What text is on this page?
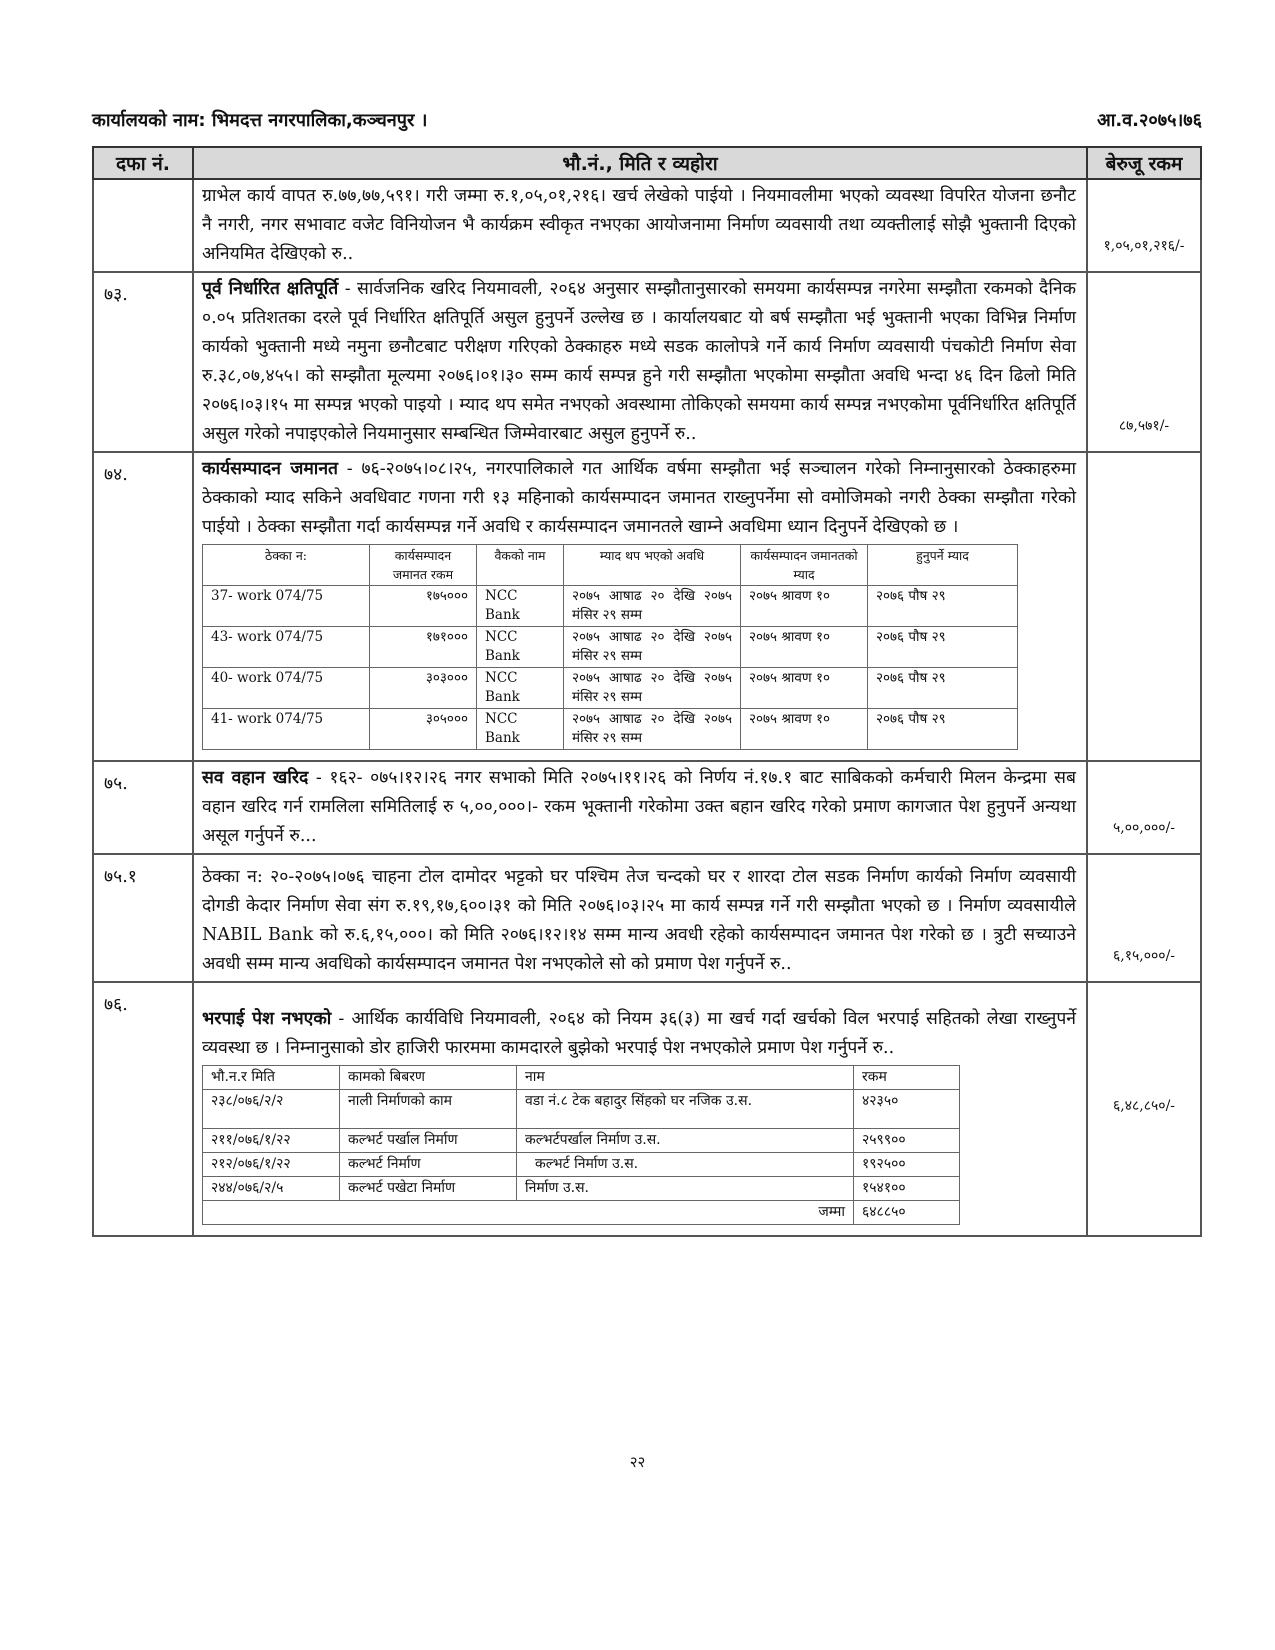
कार्यालयको नाम: भिमदत्त नगरपालिका,कञ्चनपुर ।	आ.व.२०७५।७६
दफा नं.	भौ.नं., मिति र व्यहोरा	बेरुजू रकम
	ग्राभेल कार्य वापत रु.७७,७७,५९१। गरी जम्मा रु.१,०५,०१,२१६। खर्च लेखेको पाईयो । नियमावलीमा भएको व्यवस्था विपरित योजना छनौट नै नगरी, नगर सभावाट वजेट विनियोजन भै कार्यक्रम स्वीकृत नभएका आयोजनामा निर्माण व्यवसायी तथा व्यक्तीलाई सोझै भुक्तानी दिएको अनियमित देखिएको रु..	१,०५,०१,२१६/-

७३.	पूर्व निर्धारित क्षतिपूर्ति - सार्वजनिक खरिद नियमावली, २०६४ अनुसार सम्झौतानुसारको समयमा कार्यसम्पन्न नगरेमा सम्झौता रकमको दैनिक ०.०५ प्रतिशतका दरले पूर्व निर्धारित क्षतिपूर्ति असुल हुनुपर्ने उल्लेख छ । कार्यालयबाट यो बर्ष सम्झौता भई भुक्तानी भएका विभिन्न निर्माण कार्यको भुक्तानी मध्ये नमुना छनौटबाट परीक्षण गरिएको ठेक्काहरु मध्ये सडक कालोपत्रे गर्ने कार्य निर्माण व्यवसायी पंचकोटी निर्माण सेवा रु.३८,०७,४५५। को सम्झौता मूल्यमा २०७६।०१।३० सम्म कार्य सम्पन्न हुने गरी सम्झौता भएकोमा सम्झौता अवधि भन्दा ४६ दिन ढिलो मिति २०७६।०३।१५ मा सम्पन्न भएको पाइयो । म्याद थप समेत नभएको अवस्थामा तोकिएको समयमा कार्य सम्पन्न नभएकोमा पूर्वनिर्धारित क्षतिपूर्ति असुल गरेको नपाइएकोले नियमानुसार सम्बन्धित जिम्मेवारबाट असुल हुनुपर्ने रु..	८७,५७१/-

७४.	कार्यसम्पादन जमानत - ७६-२०७५।०८।२५, नगरपालिकाले गत आर्थिक वर्षमा सम्झौता भई सञ्चालन गरेको निम्नानुसारको ठेक्काहरुमा ठेक्काको म्याद सकिने अवधिवाट गणना गरी १३ महिनाको कार्यसम्पादन जमानत राख्नुपर्नेमा सो वमोजिमको नगरी ठेक्का सम्झौता गरेको पाईयो । ठेक्का सम्झौता गर्दा कार्यसम्पन्न गर्ने अवधि र कार्यसम्पादन जमानतले खाम्ने अवधिमा ध्यान दिनुपर्ने देखिएको छ ।
ठेक्का न:	कार्यसम्पादन जमानत रकम	वैकको नाम	म्याद थप भएको अवधि	कार्यसम्पादन जमानतको म्याद	हुनुपर्ने म्याद
37- work 074/75	१७५०००	NCC Bank	२०७५ आषाढ २० देखि २०७५ मंसिर २९ सम्म	२०७५ श्रावण १०	२०७६ पौष २९
43- work 074/75	१७१०००	NCC Bank	२०७५ आषाढ २० देखि २०७५ मंसिर २९ सम्म	२०७५ श्रावण १०	२०७६ पौष २९
40- work 074/75	३०३०००	NCC Bank	२०७५ आषाढ २० देखि २०७५ मंसिर २९ सम्म	२०७५ श्रावण १०	२०७६ पौष २९
41- work 074/75	३०५०००	NCC Bank	२०७५ आषाढ २० देखि २०७५ मंसिर २९ सम्म	२०७५ श्रावण १०	२०७६ पौष २९

७५.	सव वहान खरिद - १६२- ०७५।१२।२६ नगर सभाको मिति २०७५।११।२६ को निर्णय नं.१७.१ बाट साबिकको कर्मचारी मिलन केन्द्रमा सब वहान खरिद गर्न रामलिला समितिलाई रु ५,००,०००।- रकम भूक्तानी गरेकोमा उक्त बहान खरिद गरेको प्रमाण कागजात पेश हुनुपर्ने अन्यथा असूल गर्नुपर्ने रु...	५,००,०००/-

७५.१	ठेक्का न: २०-२०७५।०७६ चाहना टोल दामोदर भट्टको घर पश्चिम तेज चन्दको घर र शारदा टोल सडक निर्माण कार्यको निर्माण व्यवसायी दोगडी केदार निर्माण सेवा संग रु.१९,१७,६००।३१ को मिति २०७६।०३।२५ मा कार्य सम्पन्न गर्ने गरी सम्झौता भएको छ । निर्माण व्यवसायीले NABIL Bank को रु.६,१५,०००। को मिति २०७६।१२।१४ सम्म मान्य अवधी रहेको कार्यसम्पादन जमानत पेश गरेको छ । त्रुटी सच्याउने अवधी सम्म मान्य अवधिको कार्यसम्पादन जमानत पेश नभएकोले सो को प्रमाण पेश गर्नुपर्ने रु..	६,१५,०००/-

७६.	भरपाई पेश नभएको - आर्थिक कार्यविधि नियमावली, २०६४ को नियम ३६(३) मा खर्च गर्दा खर्चको विल भरपाई सहितको लेखा राख्नुपर्ने व्यवस्था छ । निम्नानुसाको डोर हाजिरी फारममा कामदारले बुझेको भरपाई पेश नभएकोले प्रमाण पेश गर्नुपर्ने रु..
भौ.न.र मिति	कामको बिबरण	नाम	रकम
२३८/०७६/२/२	नाली निर्माणको काम	वडा नं.८ टेक बहादुर सिंहको घर नजिक उ.स.	४२३५०
२११/०७६/१/२२	कल्भर्ट पर्खाल निर्माण	कल्भर्टपर्खाल निर्माण उ.स.	२५९९००
२१२/०७६/१/२२	कल्भर्ट निर्माण	कल्भर्ट निर्माण उ.स.	१९२५००
२४४/०७६/२/५	कल्भर्ट पखेटा निर्माण	निर्माण उ.स.	१५४१००
जम्मा	६४८८५०

६,४८,८५०/-
२२
